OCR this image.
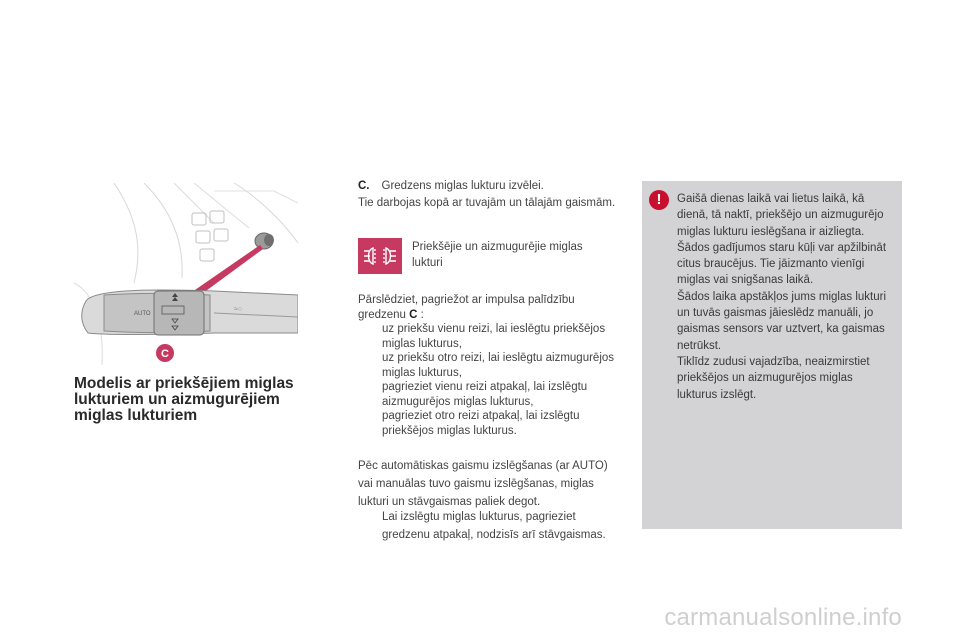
AUTO
≈○
C
Modelis ar priekšējiem miglas lukturiem un aizmugurējiem miglas lukturiem

C. Gredzens miglas lukturu izvēlei.
Tie darbojas kopā ar tuvajām un tālajām gaismām.

Priekšējie un aizmugurējie miglas lukturi

Pārslēdziet, pagriežot ar impulsa palīdzību gredzenu C :
uz priekšu vienu reizi, lai ieslēgtu priekšējos miglas lukturus,
uz priekšu otro reizi, lai ieslēgtu aizmugurējos miglas lukturus,
pagrieziet vienu reizi atpakaļ, lai izslēgtu aizmugurējos miglas lukturus,
pagrieziet otro reizi atpakaļ, lai izslēgtu priekšējos miglas lukturus.

Pēc automātiskas gaismu izslēgšanas (ar AUTO) vai manuālas tuvo gaismu izslēgšanas, miglas lukturi un stāvgaismas paliek degot.

Lai izslēgtu miglas lukturus, pagrieziet gredzenu atpakaļ, nodzisīs arī stāvgaismas.

!	Gaišā dienas laikā vai lietus laikā, kā dienā, tā naktī, priekšējo un aizmugurējo miglas lukturu ieslēgšana ir aizliegta. Šādos gadījumos staru kūļi var apžilbināt citus braucējus. Tie jāizmanto vienīgi miglas vai snigšanas laikā.
Šādos laika apstākļos jums miglas lukturi un tuvās gaismas jāieslēdz manuāli, jo gaismas sensors var uztvert, ka gaismas netrūkst.
Tiklīdz zudusi vajadzība, neaizmirstiet priekšējos un aizmugurējos miglas lukturus izslēgt.

carmanualsonline.info
